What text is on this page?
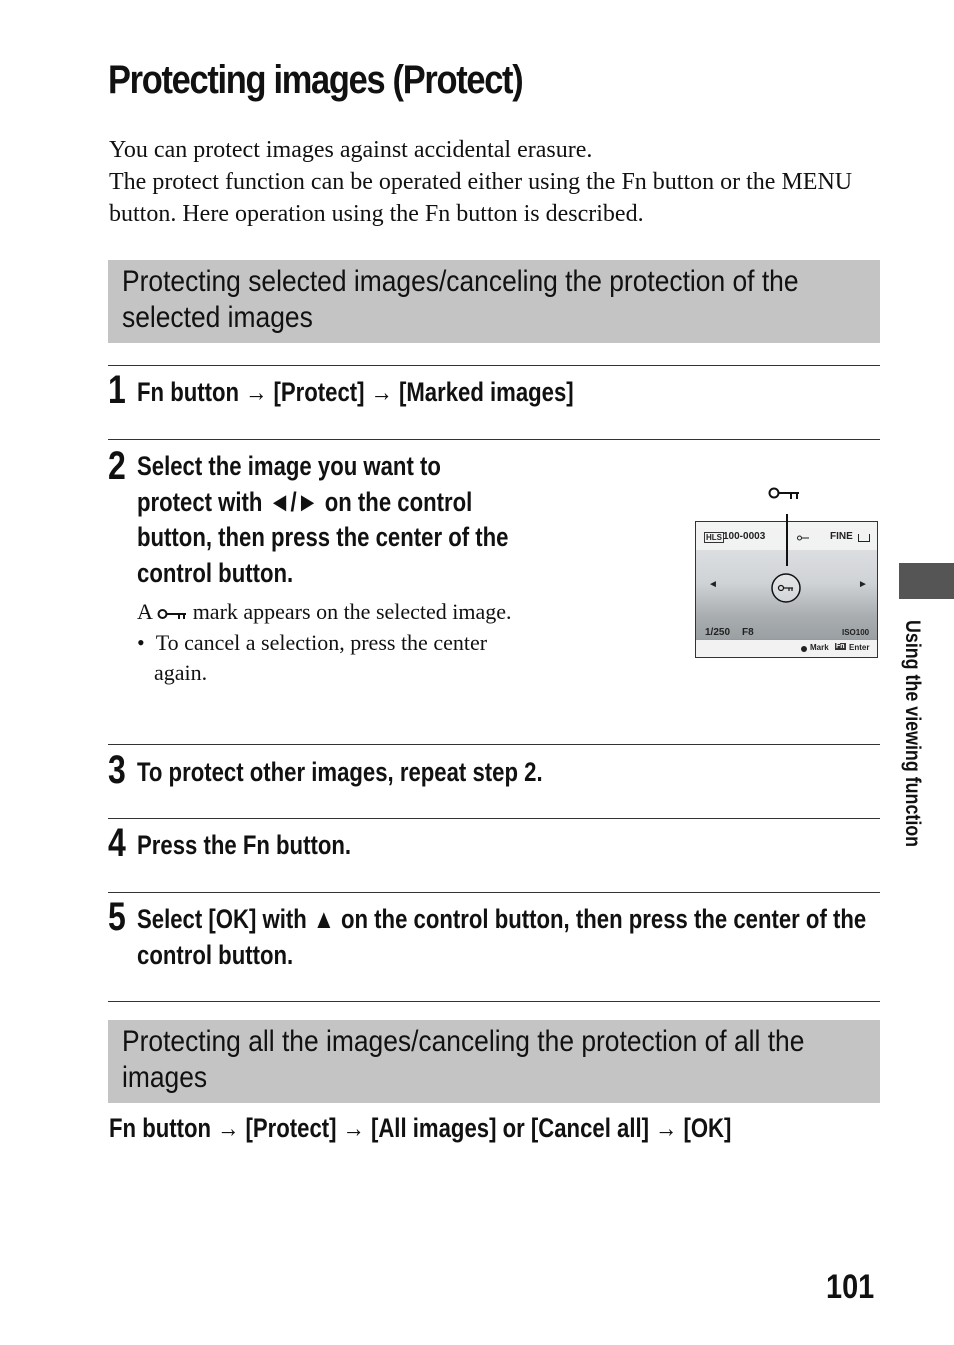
Protecting images (Protect)

You can protect images against accidental erasure.

The protect function can be operated either using the Fn button or the MENU button. Here operation using the Fn button is described.

Protecting selected images/canceling the protection of the selected images
1 Fn button → [Protect] → [Marked images]
2 Select the image you want to protect with ◄/► on the control button, then press the center of the control button.

A mark appears on the selected image.

•  To cancel a selection, press the center again.

HLS 100-0003	FINE
◄	►
1/250 F8	ISO100
Mark Fn Enter
3 To protect other images, repeat step 2.
4 Press the Fn button.
5 Select [OK] with ▲ on the control button, then press the center of the control button.
Protecting all the images/canceling the protection of all the images
Fn button → [Protect] → [All images] or [Cancel all] → [OK]
Using the viewing function
101
